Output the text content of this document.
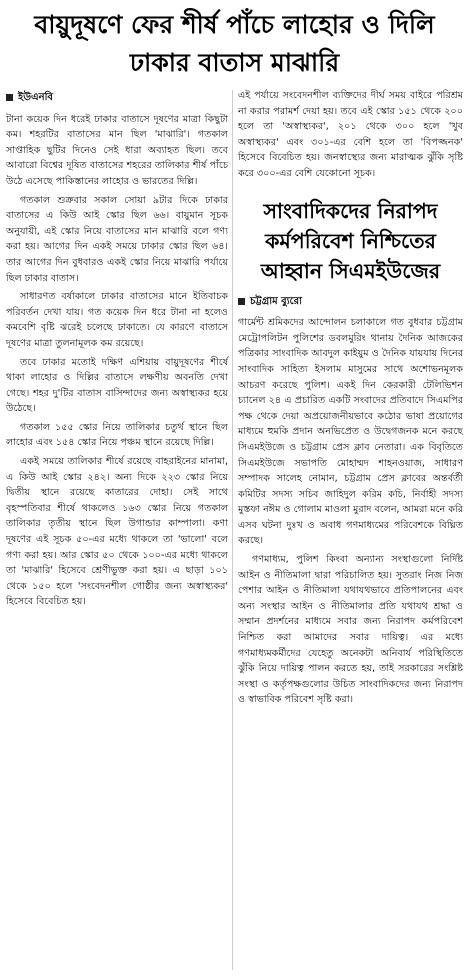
বায়ুদূষণে ফের শীর্ষ পাঁচে লাহোর ও দিলি
ঢাকার বাতাস মাঝারি
ইউএনবি

টানা কয়েক দিন ধরেই ঢাকার বাতাসে দূষণের মাত্রা কিছুটা কম। শহরটির বাতাসের মান ছিল 'মাঝারি'। গতকাল সাপ্তাহিক ছুটির দিনেও সেই ধারা অব্যাহত ছিল। তবে আবারো বিশ্বের দূষিত বাতাসের শহরের তালিকার শীর্ষ পাঁচে উঠে এসেছে পাকিস্তানের লাহোর ও ভারতের দিল্লি।

গতকাল শুক্রবার সকাল সোয়া ৯টার দিকে ঢাকার বাতাসের এ কিউ আই স্কোর ছিল ৬৬। বায়ুমান সূচক অনুযায়ী, এই স্কোর নিয়ে বাতাসের মান মাঝারি বলে গণ্য করা হয়। আগের দিন একই সময়ে ঢাকার স্কোর ছিল ৬৪। তার আগের দিন বুধবারও একই স্কোর নিয়ে মাঝারি পর্যায়ে ছিল ঢাকার বাতাস।

সাধারণত বর্ষাকালে ঢাকার বাতাসের মানে ইতিবাচক পরিবর্তন দেখা যায়। গত কয়েক দিন ধরে টানা না হলেও কমবেশি বৃষ্টি ঝরেই চলেছে ঢাকাতে। যে কারণে বাতাসে দূষণের মাত্রা তুলনামূলক কম রয়েছে।

তবে ঢাকার মতোই দক্ষিণ এশিয়ায় বায়ুদূষণের শীর্ষে থাকা লাহোর ও দিল্লির বাতাসে লক্ষণীয় অবনতি দেখা গেছে। শহর দু'টির বাতাস বাসিন্দাদের জন্য অস্বাস্থ্যকর হয়ে উঠেছে।

গতকাল ১৫৫ স্কোর নিয়ে তালিকার চতুর্থ স্থানে ছিল লাহোর এবং ১৫৪ স্কোর নিয়ে পঞ্চম স্থানে রয়েছে দিল্লি।

একই সময়ে তালিকার শীর্ষে রয়েছে বাহরাইনের মানামা, এ কিউ আই স্কোর ২৪২। অন্য দিকে ২২৩ স্কোর নিয়ে দ্বিতীয় স্থানে রয়েছে কাতারের দোহা। সেই সাথে বৃহস্পতিবার শীর্ষে থাকলেও ১৬৩ স্কোর নিয়ে গতকাল তালিকার তৃতীয় স্থানে ছিল উগান্ডার কাম্পালা। কণা দূষণের এই সূচক ৫০-এর মধ্যে থাকলে তা 'ভালো' বলে গণ্য করা হয়। আর স্কোর ৫০ থেকে ১০০-এর মধ্যে থাকলে তা 'মাঝারি' হিসেবে শ্রেণীভুক্ত করা হয়। এ ছাড়া ১০১ থেকে ১৫০ হলে 'সংবেদনশীল গোষ্ঠীর জন্য অস্বাস্থ্যকর' হিসেবে বিবেচিত হয়।

এই পর্যায়ে সংবেদনশীল ব্যক্তিদের দীর্ঘ সময় বাইরে পরিশ্রম না করার পরামর্শ দেয়া হয়। তবে এই স্কোর ১৫১ থেকে ২০০ হলে তা 'অস্বাস্থ্যকর', ২০১ থেকে ৩০০ হলে 'খুব অস্বাস্থ্যকর' এবং ৩০১-এর বেশি হলে তা 'বিপজ্জনক' হিসেবে বিবেচিত হয়। জনস্বাস্থ্যের জন্য মারাত্মক ঝুঁকি সৃষ্টি করে ৩০০-এর বেশি যেকোনো সূচক।

সাংবাদিকদের নিরাপদ
কর্মপরিবেশ নিশ্চিতের
আহ্বান সিএমইউজের
চট্টগ্রাম ব্যুরো

গার্মেন্ট শ্রমিকদের আন্দোলন চলাকালে গত বুধবার চট্টগ্রাম মেট্রোপলিটন পুলিশের ডবলমুরিং থানায় দৈনিক আজকের পত্রিকার সাংবাদিক আবদুল কাইয়ুম ও দৈনিক যায়যায় দিনের সাংবাদিক সাহিত্য ইসলাম মাসুমের সাথে অশোভনমূলক আচরণ করেছে পুলিশ। একই দিন কেরকারী টেলিভিশন চ্যানেল ২৪ এ প্রচারিত একটি সংবাদের প্রতিবাদে সিএমপির পক্ষ থেকে দেয়া অপ্রয়োজনীয়ভাবে কঠোর ভাষা প্রয়োগের মাধ্যমে হুমকি প্রদান অনভিপ্রেত ও উদ্বেগজনক মনে করছে সিএমইউজে ও চট্টগ্রাম প্রেস ক্লাব নেতারা। এক বিবৃতিতে সিএমইউজে সভাপতি মোহাম্মদ শাহনওয়াজ, সাধারণ সম্পাদক সালেহ নোমান, চট্টগ্রাম প্রেস ক্লাবের অন্তর্বর্তী কমিটির সদস্য সচিব জাহিদুল করিম কচি, নির্বাহী সদস্য মুস্তফা নঈম ও গোলাম মাওলা মুরাদ বলেন, আমরা মনে করি এসব ঘটনা দুঃখ ও অবাধ গণমাধ্যমের পরিবেশকে বিঘ্নিত করছে।

গণমাধ্যম, পুলিশ কিংবা অন্যান্য সংস্থাগুলো নির্দিষ্ট আইন ও নীতিমালা দ্বারা পরিচালিত হয়। সুতরাং নিজ নিজ পেশার আইন ও নীতিমালা যথাযথভাবে প্রতিপালনের এবং অন্য সংস্থার আইন ও নীতিমালার প্রতি যথাযথ শ্রদ্ধা ও সম্মান প্রদর্শনের মাধ্যমে সবার জন্য নিরাপদ কর্মপরিবেশ নিশ্চিত করা আমাদের সবার দায়িত্ব। এর মধ্যে গণমাধ্যমকর্মীদের যেহেতু অনেকটা অনিবার্য পরিস্থিতিতে ঝুঁকি নিয়ে দায়িত্ব পালন করতে হয়, তাই সরকারের সংশ্লিষ্ট সংস্থা ও কর্তৃপক্ষগুলোর উচিত সাংবাদিকদের জন্য নিরাপদ ও স্বাভাবিক পরিবেশ সৃষ্টি করা।
